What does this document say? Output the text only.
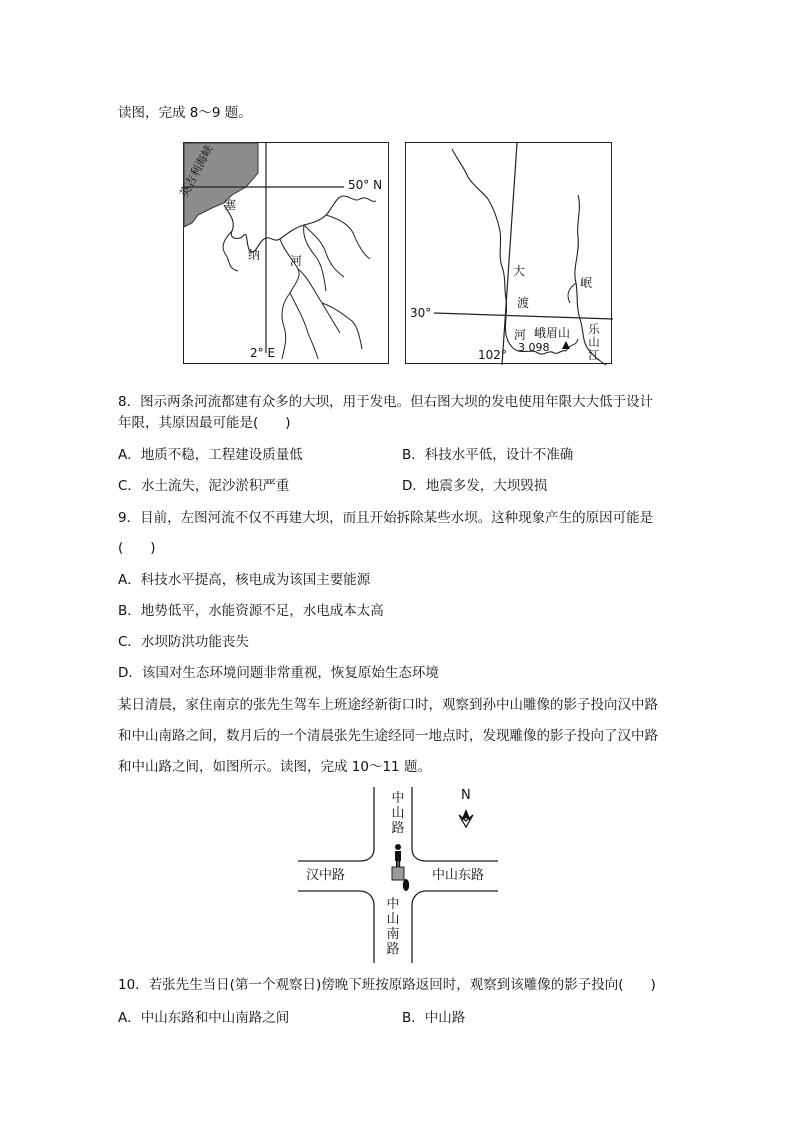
读图，完成 8～9 题。
英吉利海峡
塞
纳 河
50° N
2° E
大
渡
河
岷
30°
102°
峨眉山
3 098
乐山江
8．图示两条河流都建有众多的大坝，用于发电。但右图大坝的发电使用年限大大低于设计
年限，其原因最可能是(　　)
A．地质不稳，工程建设质量低	B．科技水平低，设计不准确
C．水土流失，泥沙淤积严重	D．地震多发，大坝毁损
9．目前，左图河流不仅不再建大坝，而且开始拆除某些水坝。这种现象产生的原因可能是
(　　)
A．科技水平提高，核电成为该国主要能源
B．地势低平，水能资源不足，水电成本太高
C．水坝防洪功能丧失
D．该国对生态环境问题非常重视，恢复原始生态环境
某日清晨，家住南京的张先生驾车上班途经新街口时，观察到孙中山雕像的影子投向汉中路
和中山南路之间，数月后的一个清晨张先生途经同一地点时，发现雕像的影子投向了汉中路
和中山路之间，如图所示。读图，完成 10～11 题。
中山路
汉中路	中山东路
中山南路
N
10．若张先生当日(第一个观察日)傍晚下班按原路返回时，观察到该雕像的影子投向(　　)
A．中山东路和中山南路之间	B．中山路
